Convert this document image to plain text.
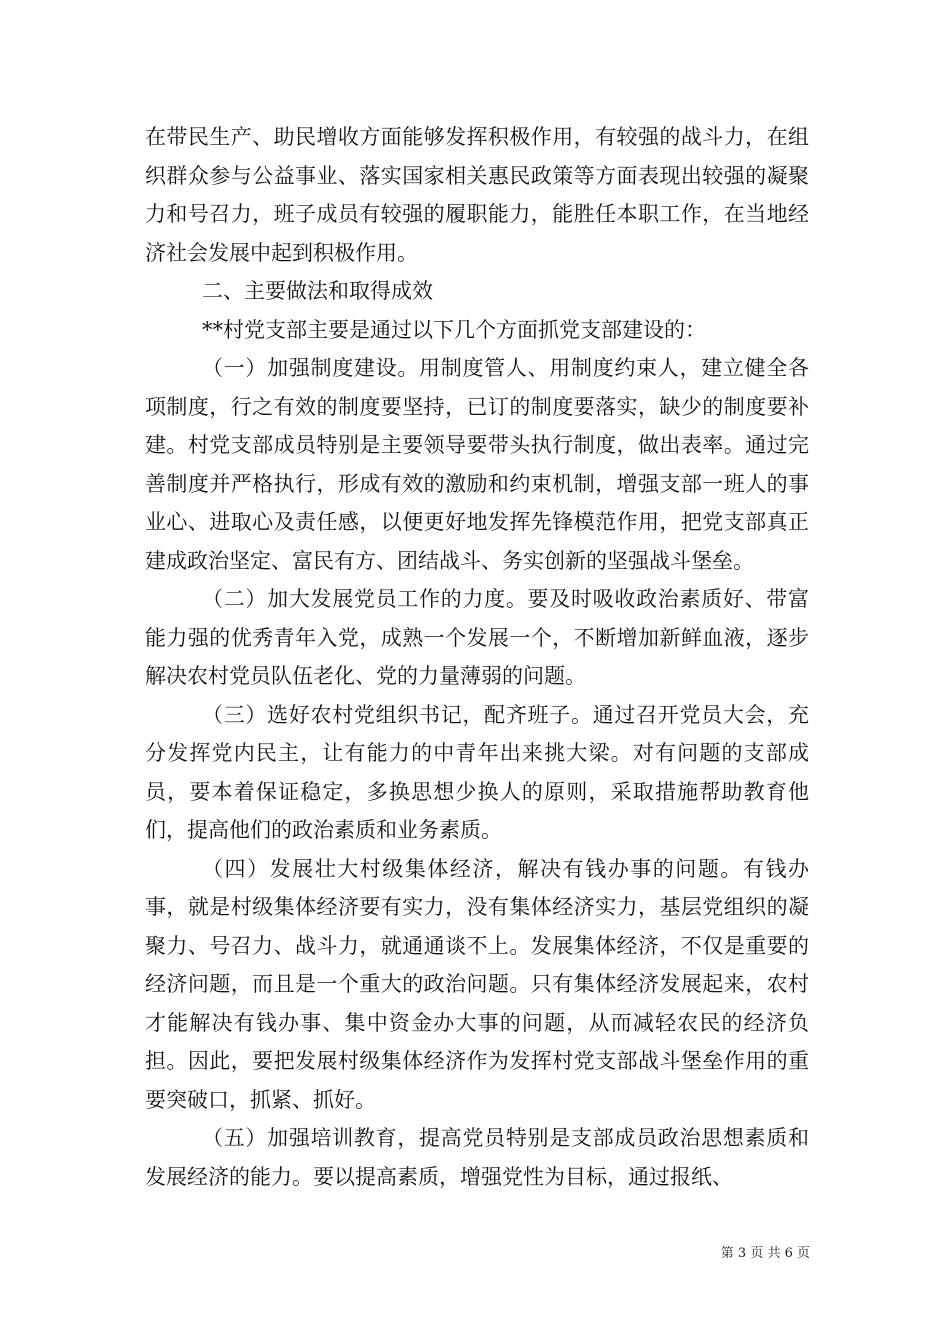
在带民生产、助民增收方面能够发挥积极作用，有较强的战斗力，在组织群众参与公益事业、落实国家相关惠民政策等方面表现出较强的凝聚力和号召力，班子成员有较强的履职能力，能胜任本职工作，在当地经济社会发展中起到积极作用。

二、主要做法和取得成效

**村党支部主要是通过以下几个方面抓党支部建设的：

（一）加强制度建设。用制度管人、用制度约束人，建立健全各项制度，行之有效的制度要坚持，已订的制度要落实，缺少的制度要补建。村党支部成员特别是主要领导要带头执行制度，做出表率。通过完善制度并严格执行，形成有效的激励和约束机制，增强支部一班人的事业心、进取心及责任感，以便更好地发挥先锋模范作用，把党支部真正建成政治坚定、富民有方、团结战斗、务实创新的坚强战斗堡垒。

（二）加大发展党员工作的力度。要及时吸收政治素质好、带富能力强的优秀青年入党，成熟一个发展一个，不断增加新鲜血液，逐步解决农村党员队伍老化、党的力量薄弱的问题。

（三）选好农村党组织书记，配齐班子。通过召开党员大会，充分发挥党内民主，让有能力的中青年出来挑大梁。对有问题的支部成员，要本着保证稳定，多换思想少换人的原则，采取措施帮助教育他们，提高他们的政治素质和业务素质。

（四）发展壮大村级集体经济，解决有钱办事的问题。有钱办事，就是村级集体经济要有实力，没有集体经济实力，基层党组织的凝聚力、号召力、战斗力，就通通谈不上。发展集体经济，不仅是重要的经济问题，而且是一个重大的政治问题。只有集体经济发展起来，农村才能解决有钱办事、集中资金办大事的问题，从而减轻农民的经济负担。因此，要把发展村级集体经济作为发挥村党支部战斗堡垒作用的重要突破口，抓紧、抓好。

（五）加强培训教育，提高党员特别是支部成员政治思想素质和发展经济的能力。要以提高素质，增强党性为目标，通过报纸、

第 3 页 共 6 页
